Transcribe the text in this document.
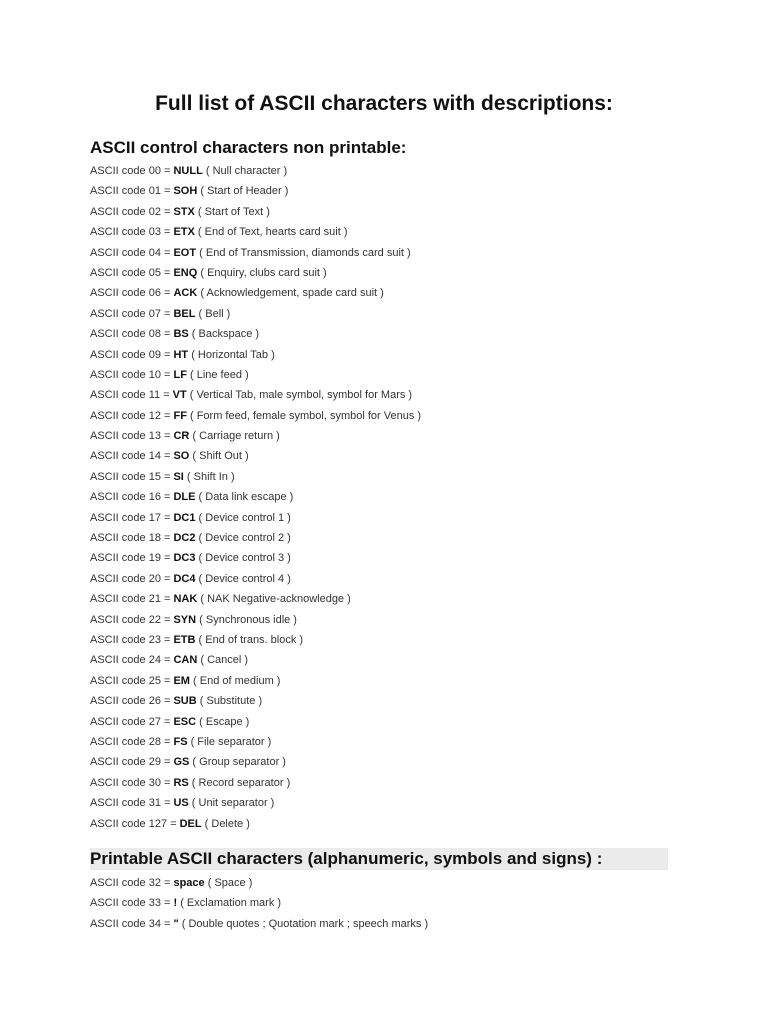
Full list of ASCII characters with descriptions:
ASCII control characters non printable:
ASCII code 00 = NULL ( Null character )
ASCII code 01 = SOH ( Start of Header )
ASCII code 02 = STX ( Start of Text )
ASCII code 03 = ETX ( End of Text, hearts card suit )
ASCII code 04 = EOT ( End of Transmission, diamonds card suit )
ASCII code 05 = ENQ ( Enquiry, clubs card suit )
ASCII code 06 = ACK ( Acknowledgement, spade card suit )
ASCII code 07 = BEL ( Bell )
ASCII code 08 = BS ( Backspace )
ASCII code 09 = HT ( Horizontal Tab )
ASCII code 10 = LF ( Line feed )
ASCII code 11 = VT ( Vertical Tab, male symbol, symbol for Mars )
ASCII code 12 = FF ( Form feed, female symbol, symbol for Venus )
ASCII code 13 = CR ( Carriage return )
ASCII code 14 = SO ( Shift Out )
ASCII code 15 = SI ( Shift In )
ASCII code 16 = DLE ( Data link escape )
ASCII code 17 = DC1 ( Device control 1 )
ASCII code 18 = DC2 ( Device control 2 )
ASCII code 19 = DC3 ( Device control 3 )
ASCII code 20 = DC4 ( Device control 4 )
ASCII code 21 = NAK ( NAK Negative-acknowledge )
ASCII code 22 = SYN ( Synchronous idle )
ASCII code 23 = ETB ( End of trans. block )
ASCII code 24 = CAN ( Cancel )
ASCII code 25 = EM ( End of medium )
ASCII code 26 = SUB ( Substitute )
ASCII code 27 = ESC ( Escape )
ASCII code 28 = FS ( File separator )
ASCII code 29 = GS ( Group separator )
ASCII code 30 = RS ( Record separator )
ASCII code 31 = US ( Unit separator )
ASCII code 127 = DEL ( Delete )
Printable ASCII characters (alphanumeric, symbols and signs) :
ASCII code 32 = space ( Space )
ASCII code 33 = ! ( Exclamation mark )
ASCII code 34 = " ( Double quotes ; Quotation mark ; speech marks )
